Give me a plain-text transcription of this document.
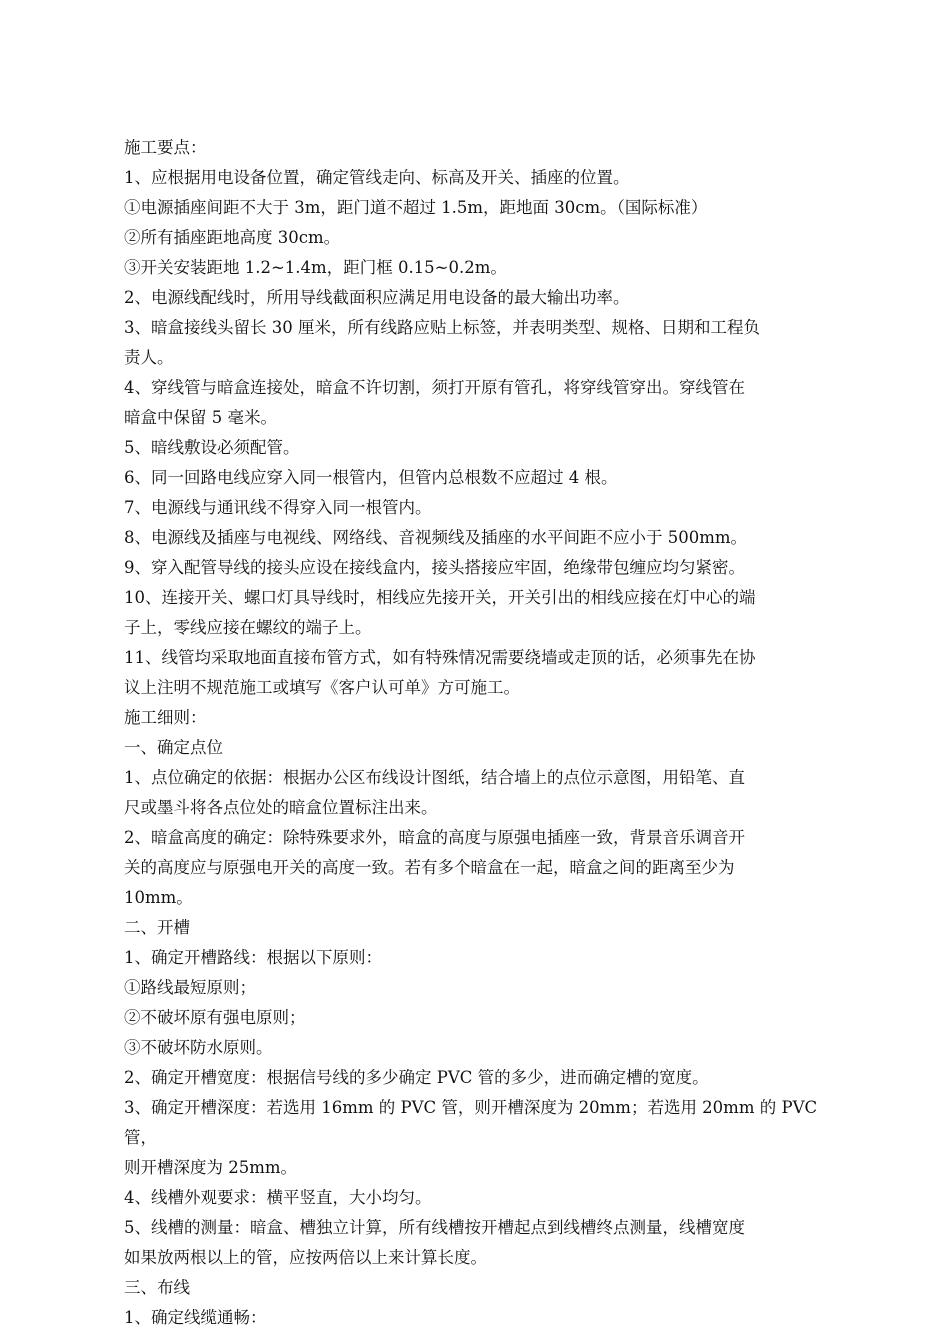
施工要点：

1、应根据用电设备位置，确定管线走向、标高及开关、插座的位置。

①电源插座间距不大于 3m，距门道不超过 1.5m，距地面 30cm。（国际标准）

②所有插座距地高度 30cm。

③开关安装距地 1.2~1.4m，距门框 0.15~0.2m。

2、电源线配线时，所用导线截面积应满足用电设备的最大输出功率。

3、暗盒接线头留长 30 厘米，所有线路应贴上标签，并表明类型、规格、日期和工程负

责人。

4、穿线管与暗盒连接处，暗盒不许切割，须打开原有管孔，将穿线管穿出。穿线管在

暗盒中保留 5 毫米。

5、暗线敷设必须配管。

6、同一回路电线应穿入同一根管内，但管内总根数不应超过 4 根。

7、电源线与通讯线不得穿入同一根管内。

8、电源线及插座与电视线、网络线、音视频线及插座的水平间距不应小于 500mm。

9、穿入配管导线的接头应设在接线盒内，接头搭接应牢固，绝缘带包缠应均匀紧密。

10、连接开关、螺口灯具导线时，相线应先接开关，开关引出的相线应接在灯中心的端

子上，零线应接在螺纹的端子上。

11、线管均采取地面直接布管方式，如有特殊情况需要绕墙或走顶的话，必须事先在协

议上注明不规范施工或填写《客户认可单》方可施工。

施工细则：

一、确定点位

1、点位确定的依据：根据办公区布线设计图纸，结合墙上的点位示意图，用铅笔、直

尺或墨斗将各点位处的暗盒位置标注出来。

2、暗盒高度的确定：除特殊要求外，暗盒的高度与原强电插座一致，背景音乐调音开

关的高度应与原强电开关的高度一致。若有多个暗盒在一起，暗盒之间的距离至少为

10mm。

二、开槽

1、确定开槽路线：根据以下原则：

①路线最短原则；

②不破坏原有强电原则；

③不破坏防水原则。

2、确定开槽宽度：根据信号线的多少确定 PVC 管的多少，进而确定槽的宽度。

3、确定开槽深度：若选用 16mm 的 PVC 管，则开槽深度为 20mm；若选用 20mm 的 PVC 管，

则开槽深度为 25mm。

4、线槽外观要求：横平竖直，大小均匀。

5、线槽的测量：暗盒、槽独立计算，所有线槽按开槽起点到线槽终点测量，线槽宽度

如果放两根以上的管，应按两倍以上来计算长度。

三、布线

1、确定线缆通畅：
